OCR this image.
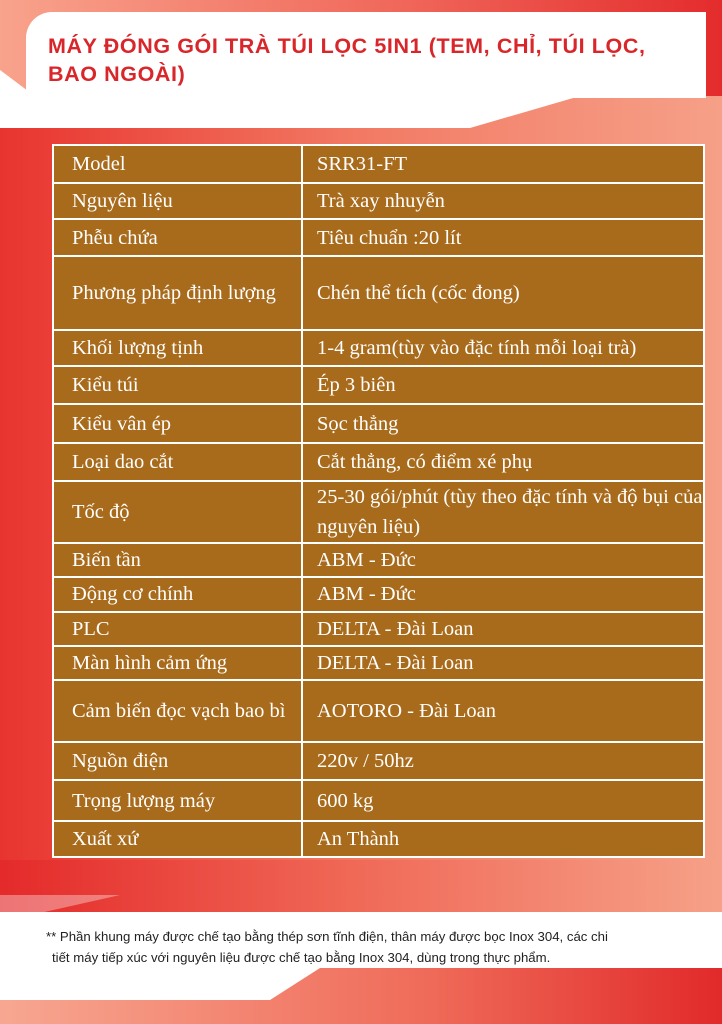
MÁY ĐÓNG GÓI TRÀ TÚI LỌC 5IN1 (TEM, CHỈ, TÚI LỌC,
BAO NGOÀI)
Model	SRR31-FT
Nguyên liệu	Trà xay nhuyễn
Phễu chứa	Tiêu chuẩn :20 lít
Phương pháp định lượng	Chén thể tích (cốc đong)
Khối lượng tịnh	1-4 gram(tùy vào đặc tính mỗi loại trà)
Kiểu túi	Ép 3 biên
Kiểu vân ép	Sọc thẳng
Loại dao cắt	Cắt thẳng, có điểm xé phụ
Tốc độ	25-30 gói/phút (tùy theo đặc tính và độ bụi của nguyên liệu)
Biến tần	ABM - Đức
Động cơ chính	ABM - Đức
PLC	DELTA - Đài Loan
Màn hình cảm ứng	DELTA - Đài Loan
Cảm biến đọc vạch bao bì	AOTORO - Đài Loan
Nguồn điện	220v / 50hz
Trọng lượng máy	600 kg
Xuất xứ	An Thành
** Phần khung máy được chế tạo bằng thép sơn tĩnh điện, thân máy được bọc Inox 304, các chi
tiết máy tiếp xúc với nguyên liệu được chế tạo bằng Inox 304, dùng trong thực phẩm.
